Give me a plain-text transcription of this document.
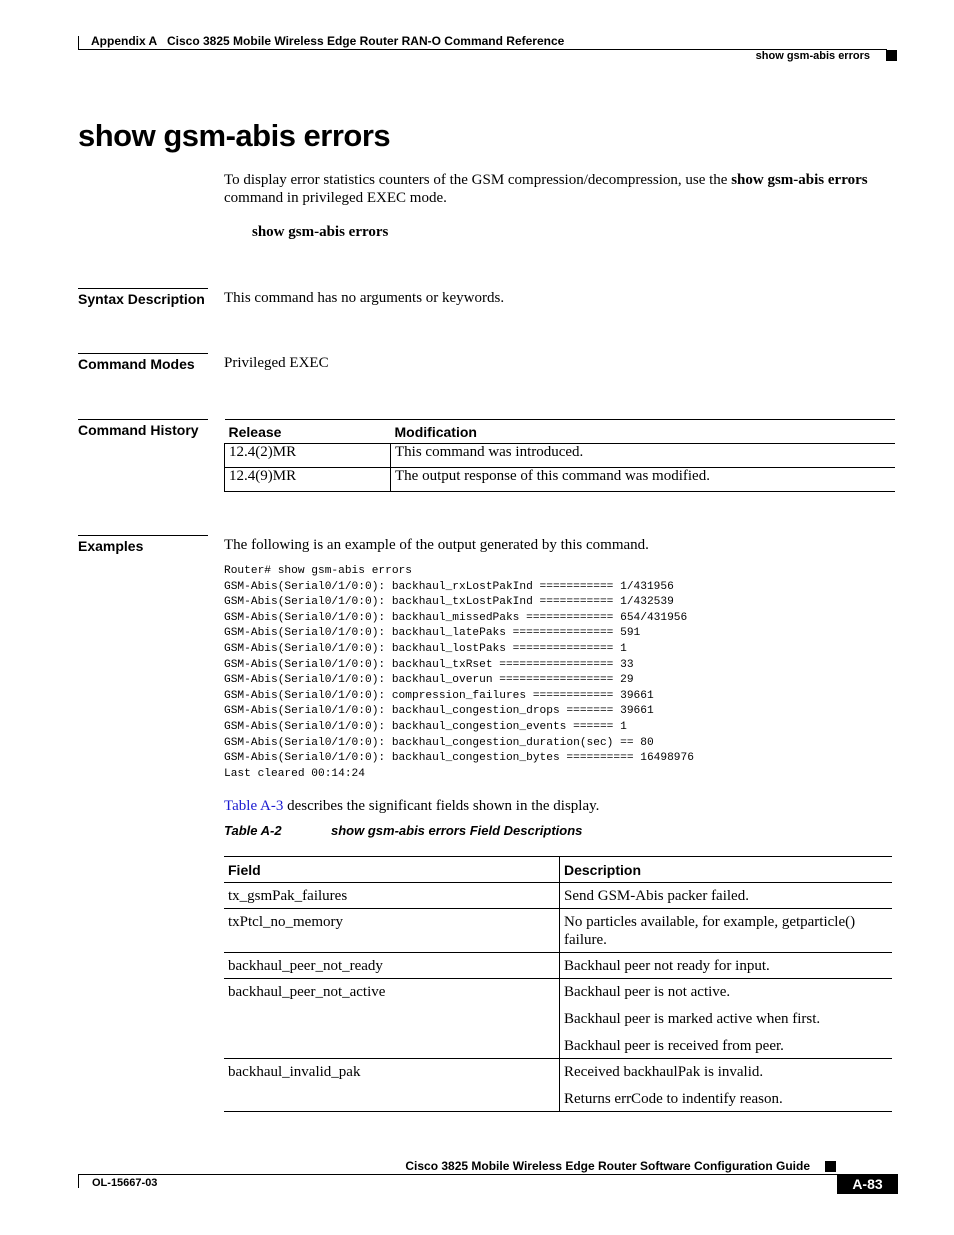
Appendix A Cisco 3825 Mobile Wireless Edge Router RAN-O Command Reference
show gsm-abis errors
show gsm-abis errors
To display error statistics counters of the GSM compression/decompression, use the show gsm-abis errors command in privileged EXEC mode.
show gsm-abis errors
Syntax Description This command has no arguments or keywords.
Command Modes	Privileged EXEC
Command History	Release	Modification
12.4(2)MR	This command was introduced.
12.4(9)MR	The output response of this command was modified.
Examples	The following is an example of the output generated by this command.
Router# show gsm-abis errors
GSM-Abis(Serial0/1/0:0): backhaul_rxLostPakInd =========== 1/431956
GSM-Abis(Serial0/1/0:0): backhaul_txLostPakInd =========== 1/432539
GSM-Abis(Serial0/1/0:0): backhaul_missedPaks ============= 654/431956
GSM-Abis(Serial0/1/0:0): backhaul_latePaks =============== 591
GSM-Abis(Serial0/1/0:0): backhaul_lostPaks =============== 1
GSM-Abis(Serial0/1/0:0): backhaul_txRset ================= 33
GSM-Abis(Serial0/1/0:0): backhaul_overun ================= 29
GSM-Abis(Serial0/1/0:0): compression_failures ============ 39661
GSM-Abis(Serial0/1/0:0): backhaul_congestion_drops ======= 39661
GSM-Abis(Serial0/1/0:0): backhaul_congestion_events ====== 1
GSM-Abis(Serial0/1/0:0): backhaul_congestion_duration(sec) == 80
GSM-Abis(Serial0/1/0:0): backhaul_congestion_bytes ========== 16498976
Last cleared 00:14:24
Table A-3 describes the significant fields shown in the display.
Table A-2	show gsm-abis errors Field Descriptions
Field	Description
tx_gsmPak_failures	Send GSM-Abis packer failed.

txPtcl_no_memory	No particles available, for example, getparticle() failure.

backhaul_peer_not_ready	Backhaul peer not ready for input.

backhaul_peer_not_active	Backhaul peer is not active.

Backhaul peer is marked active when first.

Backhaul peer is received from peer.

backhaul_invalid_pak	Received backhaulPak is invalid.

Returns errCode to indentify reason.

Cisco 3825 Mobile Wireless Edge Router Software Configuration Guide
OL-15667-03	A-83
